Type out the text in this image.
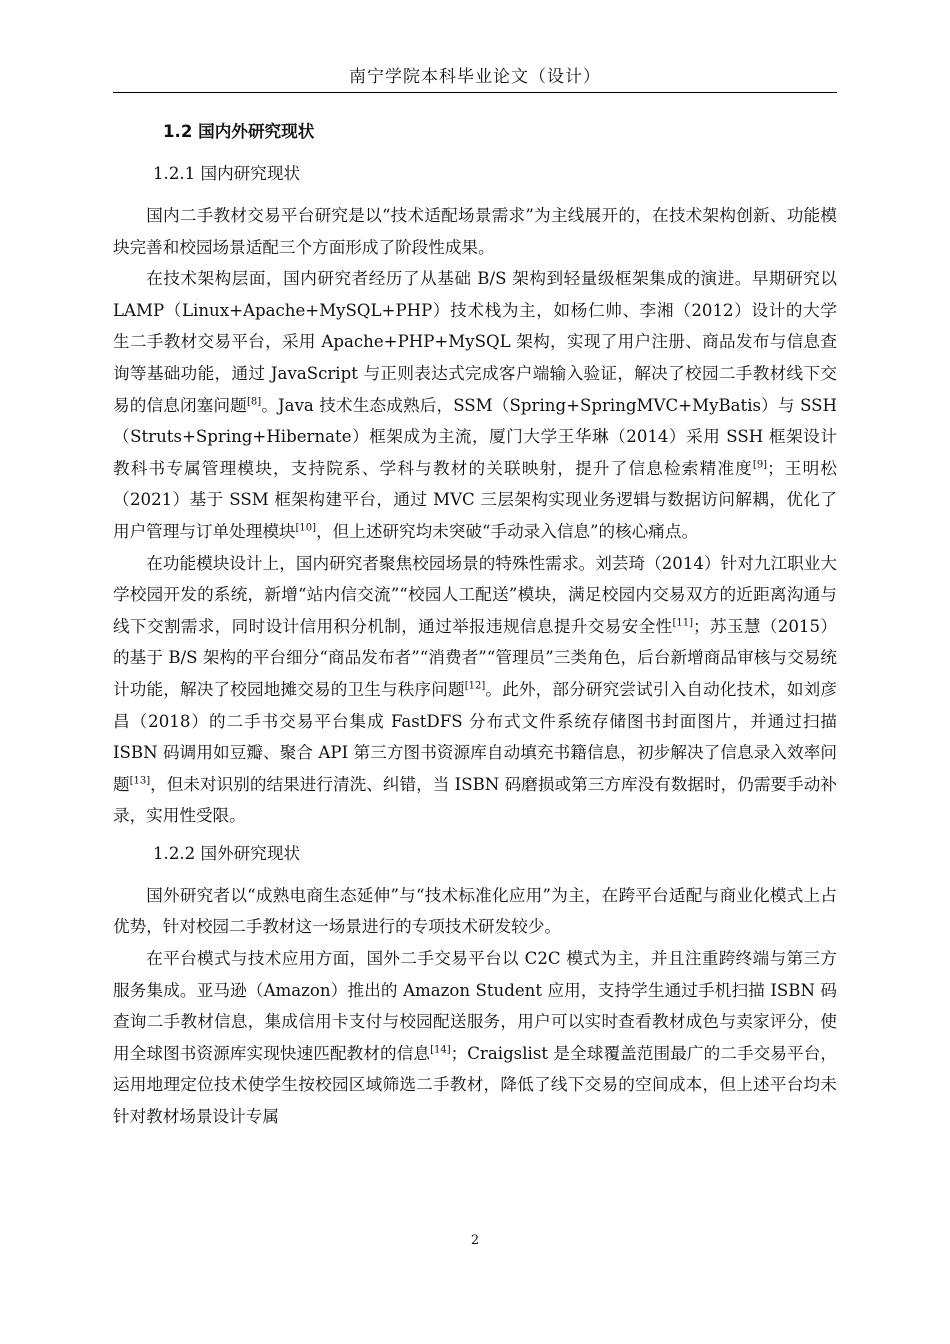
南宁学院本科毕业论文（设计）
1.2 国内外研究现状
1.2.1 国内研究现状

国内二手教材交易平台研究是以“技术适配场景需求”为主线展开的，在技术架构创新、功能模块完善和校园场景适配三个方面形成了阶段性成果。

在技术架构层面，国内研究者经历了从基础 B/S 架构到轻量级框架集成的演进。早期研究以 LAMP（Linux+Apache+MySQL+PHP）技术栈为主，如杨仁帅、李湘（2012）设计的大学生二手教材交易平台，采用 Apache+PHP+MySQL 架构，实现了用户注册、商品发布与信息查询等基础功能，通过 JavaScript 与正则表达式完成客户端输入验证，解决了校园二手教材线下交易的信息闭塞问题[8]。Java 技术生态成熟后，SSM（Spring+SpringMVC+MyBatis）与 SSH（Struts+Spring+Hibernate）框架成为主流，厦门大学王华琳（2014）采用 SSH 框架设计教科书专属管理模块，支持院系、学科与教材的关联映射，提升了信息检索精准度[9]；王明松（2021）基于 SSM 框架构建平台，通过 MVC 三层架构实现业务逻辑与数据访问解耦，优化了用户管理与订单处理模块[10]，但上述研究均未突破“手动录入信息”的核心痛点。

在功能模块设计上，国内研究者聚焦校园场景的特殊性需求。刘芸琦（2014）针对九江职业大学校园开发的系统，新增“站内信交流”“校园人工配送”模块，满足校园内交易双方的近距离沟通与线下交割需求，同时设计信用积分机制，通过举报违规信息提升交易安全性[11]；苏玉慧（2015）的基于 B/S 架构的平台细分“商品发布者”“消费者”“管理员”三类角色，后台新增商品审核与交易统计功能，解决了校园地摊交易的卫生与秩序问题[12]。此外，部分研究尝试引入自动化技术，如刘彦昌（2018）的二手书交易平台集成 FastDFS 分布式文件系统存储图书封面图片，并通过扫描 ISBN 码调用如豆瓣、聚合 API 第三方图书资源库自动填充书籍信息，初步解决了信息录入效率问题[13]，但未对识别的结果进行清洗、纠错，当 ISBN 码磨损或第三方库没有数据时，仍需要手动补录，实用性受限。

1.2.2 国外研究现状

国外研究者以“成熟电商生态延伸”与“技术标准化应用”为主，在跨平台适配与商业化模式上占优势，针对校园二手教材这一场景进行的专项技术研发较少。

在平台模式与技术应用方面，国外二手交易平台以 C2C 模式为主，并且注重跨终端与第三方服务集成。亚马逊（Amazon）推出的 Amazon Student 应用，支持学生通过手机扫描 ISBN 码查询二手教材信息，集成信用卡支付与校园配送服务，用户可以实时查看教材成色与卖家评分，使用全球图书资源库实现快速匹配教材的信息[14]；Craigslist 是全球覆盖范围最广的二手交易平台，运用地理定位技术使学生按校园区域筛选二手教材，降低了线下交易的空间成本，但上述平台均未针对教材场景设计专属

2
